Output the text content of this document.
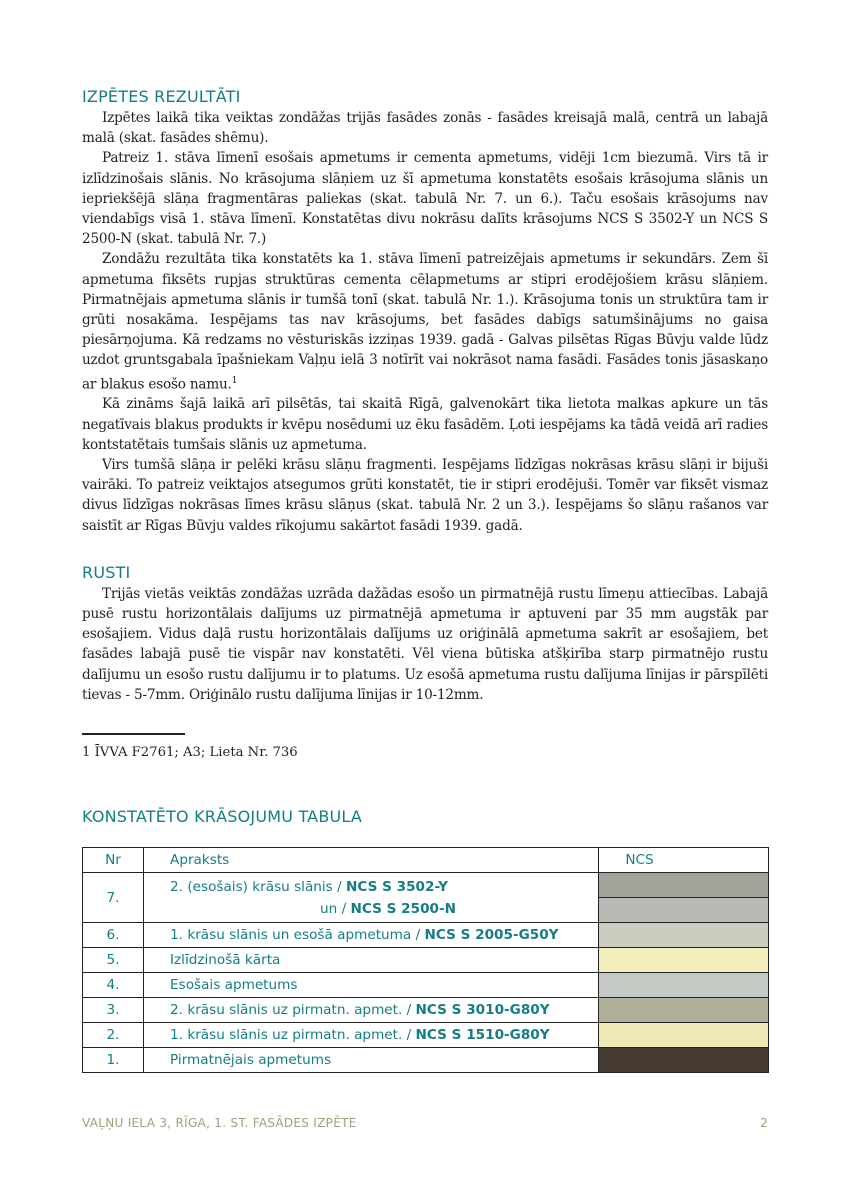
IZPĒTES REZULTĀTI

Izpētes laikā tika veiktas zondāžas trijās fasādes zonās - fasādes kreisajā malā, centrā un labajā malā (skat. fasādes shēmu).

Patreiz 1. stāva līmenī esošais apmetums ir cementa apmetums, vidēji 1cm biezumā. Virs tā ir izlīdzinošais slānis. No krāsojuma slāņiem uz šī apmetuma konstatēts esošais krāsojuma slānis un iepriekšējā slāņa fragmentāras paliekas (skat. tabulā Nr. 7. un 6.). Taču esošais krāsojums nav viendabīgs visā 1. stāva līmenī. Konstatētas divu nokrāsu dalīts krāsojums NCS S 3502-Y un NCS S 2500-N (skat. tabulā Nr. 7.)

Zondāžu rezultāta tika konstatēts ka 1. stāva līmenī patreizējais apmetums ir sekundārs. Zem šī apmetuma fiksēts rupjas struktūras cementa cēlapmetums ar stipri erodējošiem krāsu slāņiem. Pirmatnējais apmetuma slānis ir tumšā tonī (skat. tabulā Nr. 1.). Krāsojuma tonis un struktūra tam ir grūti nosakāma. Iespējams tas nav krāsojums, bet fasādes dabīgs satumšinājums no gaisa piesārņojuma. Kā redzams no vēsturiskās izziņas 1939. gadā - Galvas pilsētas Rīgas Būvju valde lūdz uzdot gruntsgabala īpašniekam Vaļņu ielā 3 notīrīt vai nokrāsot nama fasādi. Fasādes tonis jāsaskaņo ar blakus esošo namu.$^1$

Kā zināms šajā laikā arī pilsētās, tai skaitā Rīgā, galvenokārt tika lietota malkas apkure un tās negatīvais blakus produkts ir kvēpu nosēdumi uz ēku fasādēm. Ļoti iespējams ka tādā veidā arī radies kontstatētais tumšais slānis uz apmetuma.

Virs tumšā slāņa ir pelēki krāsu slāņu fragmenti. Iespējams līdzīgas nokrāsas krāsu slāņi ir bijuši vairāki. To patreiz veiktajos atsegumos grūti konstatēt, tie ir stipri erodējuši. Tomēr var fiksēt vismaz divus līdzīgas nokrāsas līmes krāsu slāņus (skat. tabulā Nr. 2 un 3.). Iespējams šo slāņu rašanos var saistīt ar Rīgas Būvju valdes rīkojumu sakārtot fasādi 1939. gadā.

RUSTI

Trijās vietās veiktās zondāžas uzrāda dažādas esošo un pirmatnējā rustu līmeņu attiecības. Labajā pusē rustu horizontālais dalījums uz pirmatnējā apmetuma ir aptuveni par 35 mm augstāk par esošajiem. Vidus daļā rustu horizontālais dalījums uz oriģinālā apmetuma sakrīt ar esošajiem, bet fasādes labajā pusē tie vispār nav konstatēti. Vēl viena būtiska atšķirība starp pirmatnējo rustu dalījumu un esošo rustu dalījumu ir to platums. Uz esošā apmetuma rustu dalījuma līnijas ir pārspīlēti tievas - 5-7mm. Oriģinālo rustu dalījuma līnijas ir 10-12mm.

1 ĪVVA F2761; A3; Lieta Nr. 736
KONSTATĒTO KRĀSOJUMU TABULA
Nr	Apraksts	NCS
7.	2. (esošais) krāsu slānis / NCS S 3502-Y
un / NCS S 2500-N	

6.	1. krāsu slānis un esošā apmetuma / NCS S 2005-G50Y	
5.	Izlīdzinošā kārta	
4.	Esošais apmetums	
3.	2. krāsu slānis uz pirmatn. apmet. / NCS S 3010-G80Y	
2.	1. krāsu slānis uz pirmatn. apmet. / NCS S 1510-G80Y	
1.	Pirmatnējais apmetums	
VAĻŅU IELA 3, RĪGA, 1. ST. FASĀDES IZPĒTE	2
